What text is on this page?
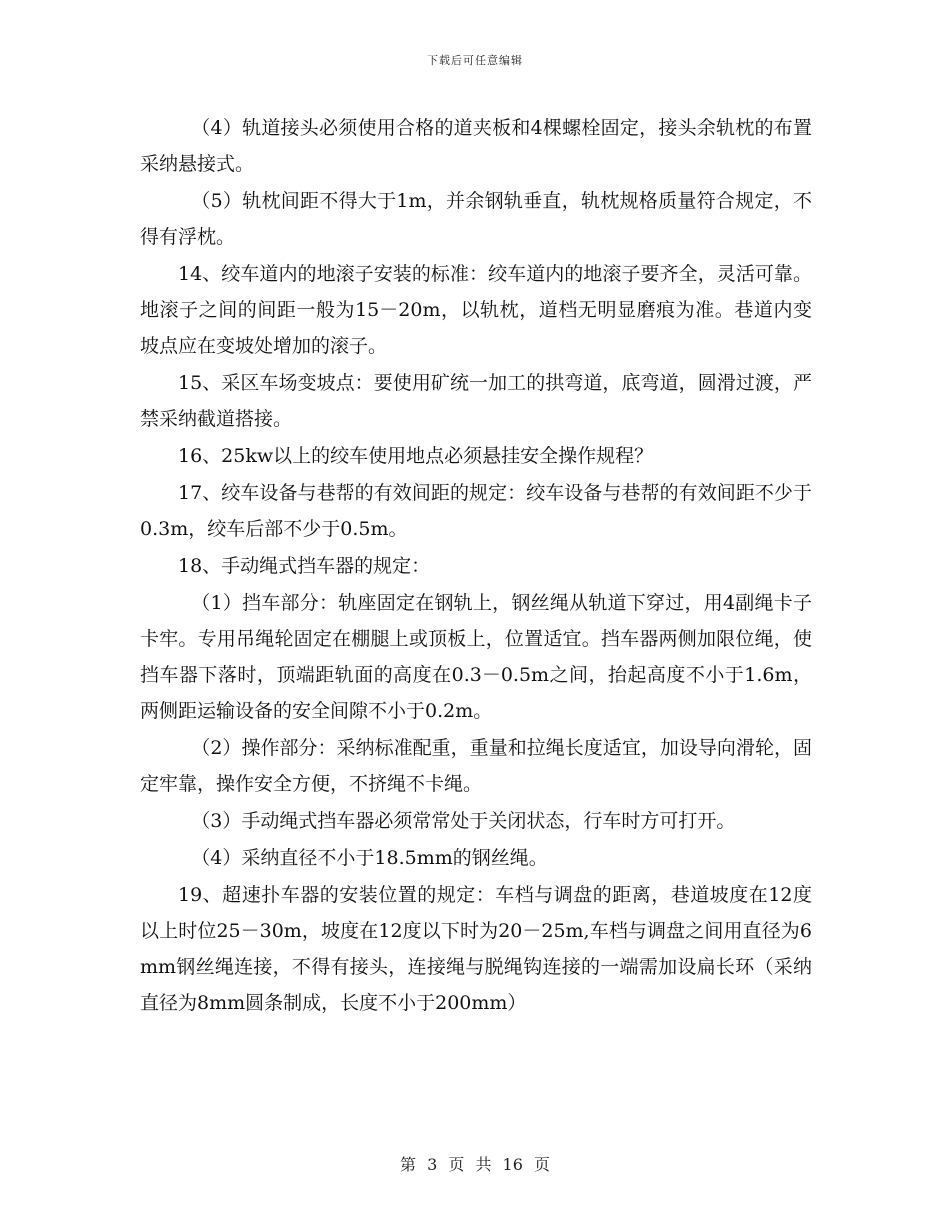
下载后可任意编辑

（4）轨道接头必须使用合格的道夹板和4棵螺栓固定，接头余轨枕的布置采纳悬接式。

（5）轨枕间距不得大于1m，并余钢轨垂直，轨枕规格质量符合规定，不得有浮枕。

14、绞车道内的地滚子安装的标准：绞车道内的地滚子要齐全，灵活可靠。地滚子之间的间距一般为15－20m，以轨枕，道档无明显磨痕为准。巷道内变坡点应在变坡处增加的滚子。

15、采区车场变坡点：要使用矿统一加工的拱弯道，底弯道，圆滑过渡，严禁采纳截道搭接。

16、25kw以上的绞车使用地点必须悬挂安全操作规程？

17、绞车设备与巷帮的有效间距的规定：绞车设备与巷帮的有效间距不少于0.3m，绞车后部不少于0.5m。

18、手动绳式挡车器的规定：

（1）挡车部分：轨座固定在钢轨上，钢丝绳从轨道下穿过，用4副绳卡子卡牢。专用吊绳轮固定在棚腿上或顶板上，位置适宜。挡车器两侧加限位绳，使挡车器下落时，顶端距轨面的高度在0.3－0.5m之间，抬起高度不小于1.6m，两侧距运输设备的安全间隙不小于0.2m。

（2）操作部分：采纳标准配重，重量和拉绳长度适宜，加设导向滑轮，固定牢靠，操作安全方便，不挤绳不卡绳。

（3）手动绳式挡车器必须常常处于关闭状态，行车时方可打开。

（4）采纳直径不小于18.5mm的钢丝绳。

19、超速扑车器的安装位置的规定：车档与调盘的距离，巷道坡度在12度以上时位25－30m，坡度在12度以下时为20－25m,车档与调盘之间用直径为6mm钢丝绳连接，不得有接头，连接绳与脱绳钩连接的一端需加设扁长环（采纳直径为8mm圆条制成，长度不小于200mm）

第 3 页 共 16 页
